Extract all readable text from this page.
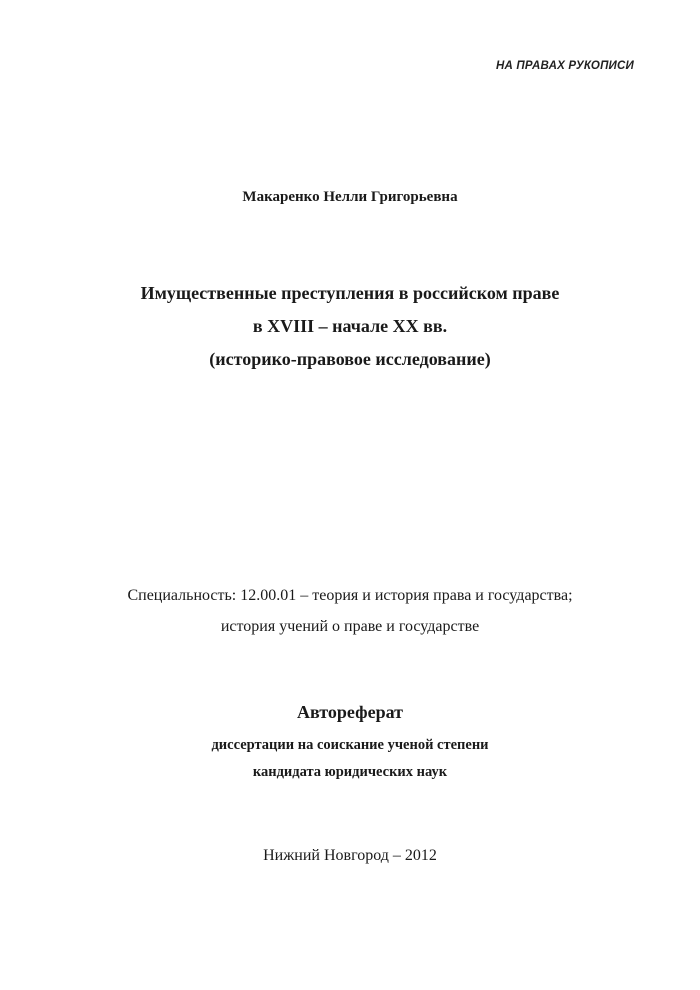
НА ПРАВАХ РУКОПИСИ
Макаренко Нелли Григорьевна
Имущественные преступления в российском праве
в XVIII – начале XX вв.
(историко-правовое исследование)
Специальность: 12.00.01 – теория и история права и государства;
история учений о праве и государстве
Автореферат
диссертации на соискание ученой степени
кандидата юридических наук
Нижний Новгород – 2012
